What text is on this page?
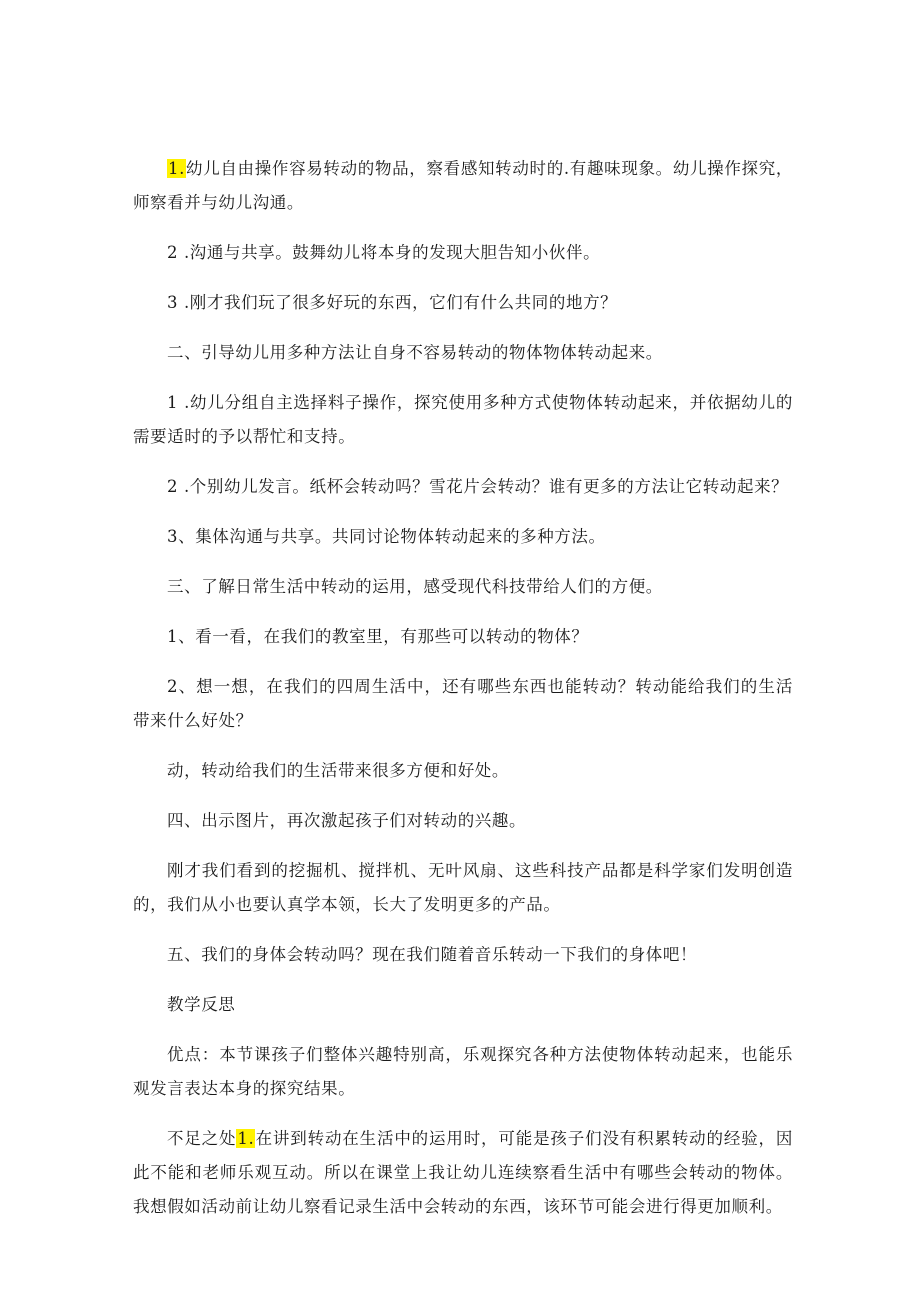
1.幼儿自由操作容易转动的物品，察看感知转动时的.有趣味现象。幼儿操作探究，师察看并与幼儿沟通。

2 .沟通与共享。鼓舞幼儿将本身的发现大胆告知小伙伴。

3 .刚才我们玩了很多好玩的东西，它们有什么共同的地方？

二、引导幼儿用多种方法让自身不容易转动的物体物体转动起来。

1 .幼儿分组自主选择料子操作，探究使用多种方式使物体转动起来，并依据幼儿的需要适时的予以帮忙和支持。

2 .个别幼儿发言。纸杯会转动吗？雪花片会转动？谁有更多的方法让它转动起来？

3、集体沟通与共享。共同讨论物体转动起来的多种方法。

三、了解日常生活中转动的运用，感受现代科技带给人们的方便。

1、看一看，在我们的教室里，有那些可以转动的物体？

2、想一想，在我们的四周生活中，还有哪些东西也能转动？转动能给我们的生活带来什么好处？

动，转动给我们的生活带来很多方便和好处。

四、出示图片，再次激起孩子们对转动的兴趣。

刚才我们看到的挖掘机、搅拌机、无叶风扇、这些科技产品都是科学家们发明创造的，我们从小也要认真学本领，长大了发明更多的产品。

五、我们的身体会转动吗？现在我们随着音乐转动一下我们的身体吧！

教学反思

优点：本节课孩子们整体兴趣特别高，乐观探究各种方法使物体转动起来，也能乐观发言表达本身的探究结果。

不足之处1.在讲到转动在生活中的运用时，可能是孩子们没有积累转动的经验，因此不能和老师乐观互动。所以在课堂上我让幼儿连续察看生活中有哪些会转动的物体。我想假如活动前让幼儿察看记录生活中会转动的东西，该环节可能会进行得更加顺利。
